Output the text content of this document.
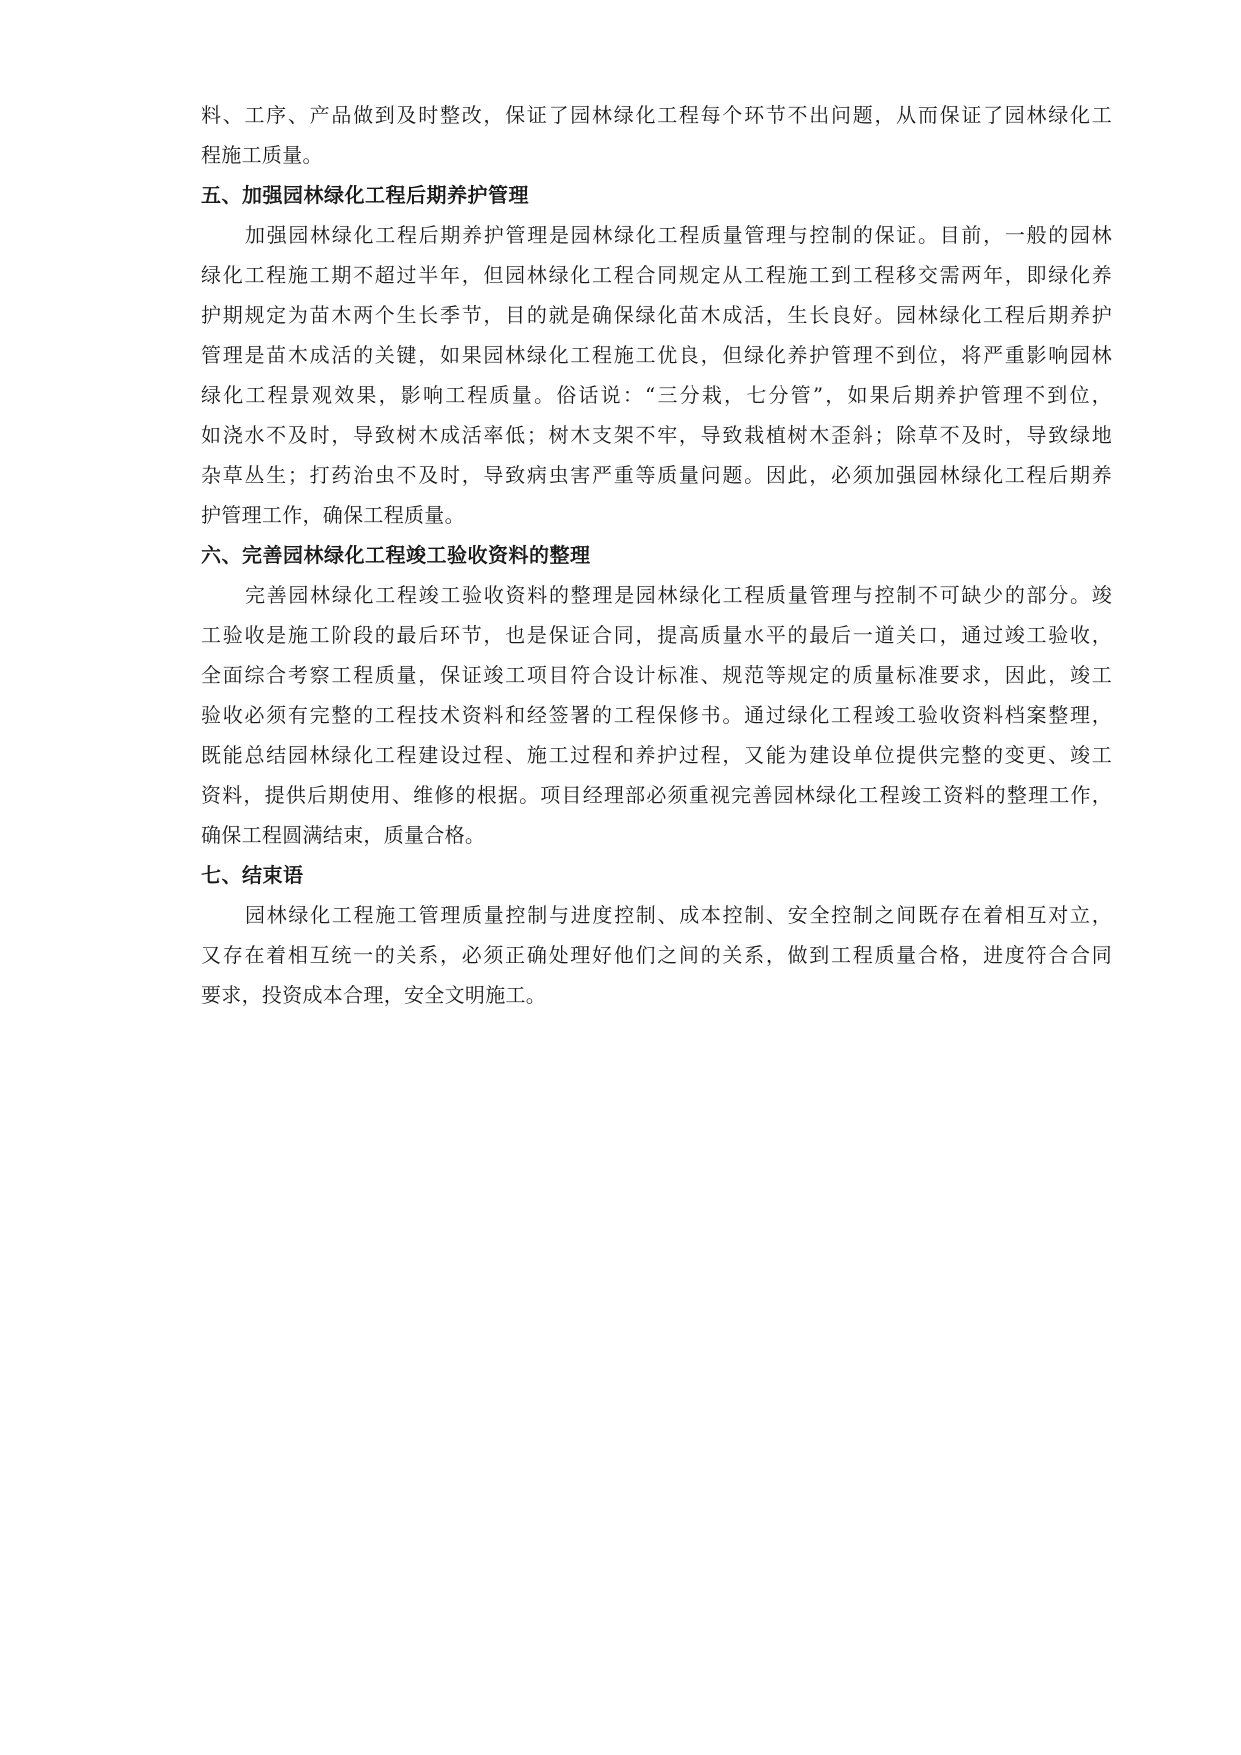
料、工序、产品做到及时整改，保证了园林绿化工程每个环节不出问题，从而保证了园林绿化工
程施工质量。
五、加强园林绿化工程后期养护管理
加强园林绿化工程后期养护管理是园林绿化工程质量管理与控制的保证。目前，一般的园林
绿化工程施工期不超过半年，但园林绿化工程合同规定从工程施工到工程移交需两年，即绿化养
护期规定为苗木两个生长季节，目的就是确保绿化苗木成活，生长良好。园林绿化工程后期养护
管理是苗木成活的关键，如果园林绿化工程施工优良，但绿化养护管理不到位，将严重影响园林
绿化工程景观效果，影响工程质量。俗话说：“三分栽，七分管”，如果后期养护管理不到位，
如浇水不及时，导致树木成活率低；树木支架不牢，导致栽植树木歪斜；除草不及时，导致绿地
杂草丛生；打药治虫不及时，导致病虫害严重等质量问题。因此，必须加强园林绿化工程后期养
护管理工作，确保工程质量。
六、完善园林绿化工程竣工验收资料的整理
完善园林绿化工程竣工验收资料的整理是园林绿化工程质量管理与控制不可缺少的部分。竣
工验收是施工阶段的最后环节，也是保证合同，提高质量水平的最后一道关口，通过竣工验收，
全面综合考察工程质量，保证竣工项目符合设计标准、规范等规定的质量标准要求，因此，竣工
验收必须有完整的工程技术资料和经签署的工程保修书。通过绿化工程竣工验收资料档案整理，
既能总结园林绿化工程建设过程、施工过程和养护过程，又能为建设单位提供完整的变更、竣工
资料，提供后期使用、维修的根据。项目经理部必须重视完善园林绿化工程竣工资料的整理工作，
确保工程圆满结束，质量合格。
七、结束语
园林绿化工程施工管理质量控制与进度控制、成本控制、安全控制之间既存在着相互对立，
又存在着相互统一的关系，必须正确处理好他们之间的关系，做到工程质量合格，进度符合合同
要求，投资成本合理，安全文明施工。
